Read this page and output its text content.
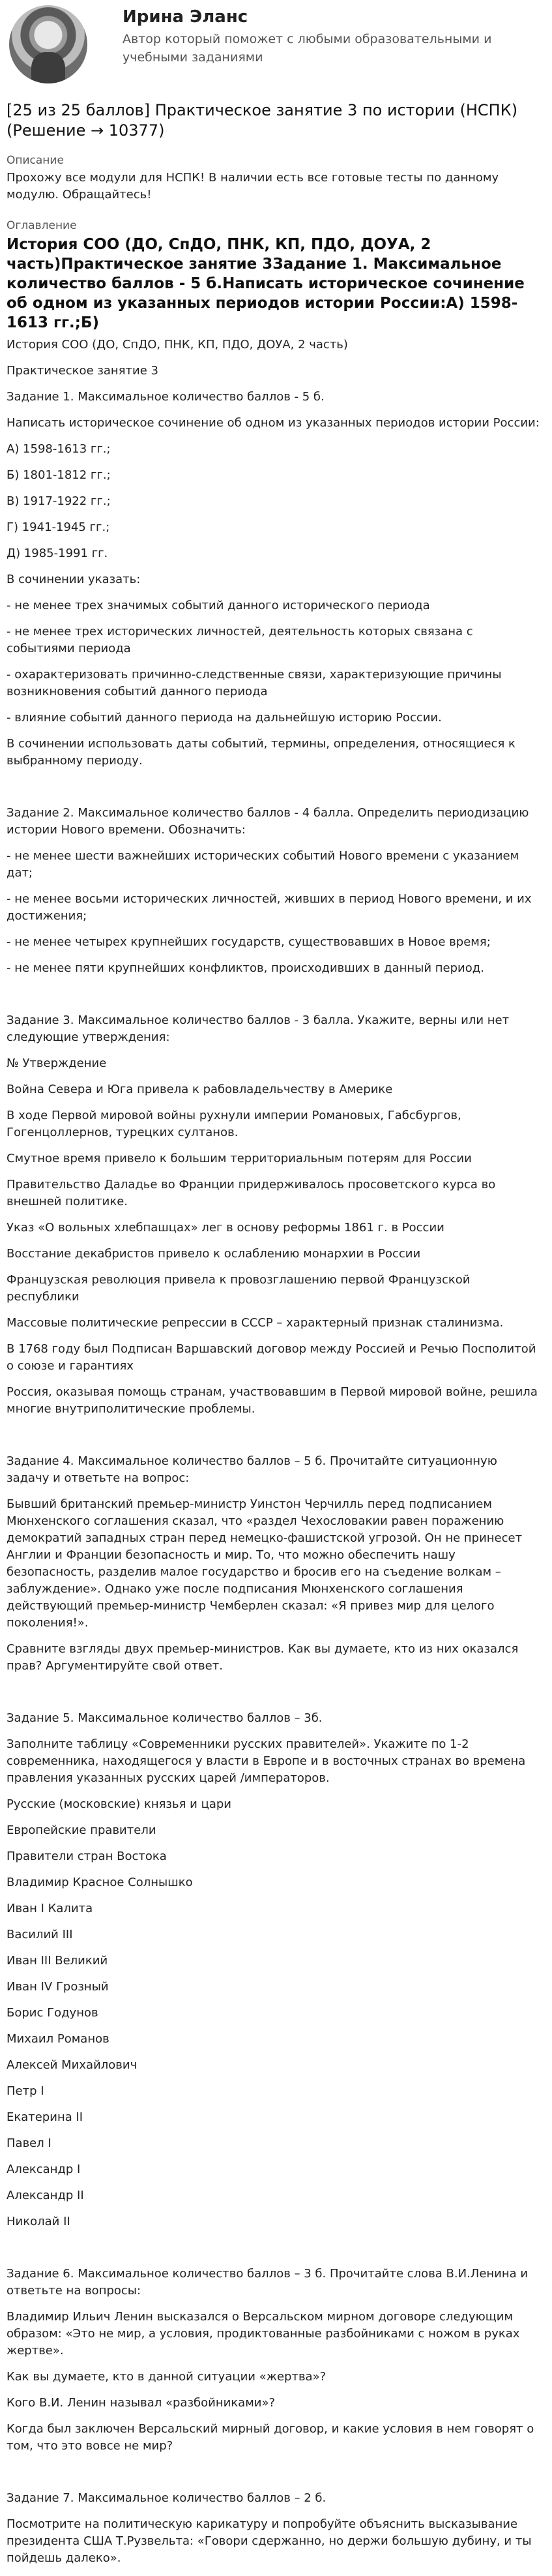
Ирина Эланс
Автор который поможет с любыми образовательными и учебными заданиями
[25 из 25 баллов] Практическое занятие 3 по истории (НСПК) (Решение → 10377)
Описание
Прохожу все модули для НСПК! В наличии есть все готовые тесты по данному модулю. Обращайтесь!
Оглавление
История СОО (ДО, СпДО, ПНК, КП, ПДО, ДОУА, 2 часть)Практическое занятие 3Задание 1. Максимальное количество баллов - 5 б.Написать историческое сочинение об одном из указанных периодов истории России:А) 1598-1613 гг.;Б)

История СОО (ДО, СпДО, ПНК, КП, ПДО, ДОУА, 2 часть)

Практическое занятие 3

Задание 1. Максимальное количество баллов - 5 б.

Написать историческое сочинение об одном из указанных периодов истории России:

А) 1598-1613 гг.;

Б) 1801-1812 гг.;

В) 1917-1922 гг.;

Г) 1941-1945 гг.;

Д) 1985-1991 гг.

В сочинении указать:

- не менее трех значимых событий данного исторического периода

- не менее трех исторических личностей, деятельность которых связана с событиями периода

- охарактеризовать причинно-следственные связи, характеризующие причины возникновения событий данного периода

- влияние событий данного периода на дальнейшую историю России.

В сочинении использовать даты событий, термины, определения, относящиеся к выбранному периоду.

Задание 2. Максимальное количество баллов - 4 балла. Определить периодизацию истории Нового времени. Обозначить:

- не менее шести важнейших исторических событий Нового времени с указанием дат;

- не менее восьми исторических личностей, живших в период Нового времени, и их достижения;

- не менее четырех крупнейших государств, существовавших в Новое время;

- не менее пяти крупнейших конфликтов, происходивших в данный период.

Задание 3. Максимальное количество баллов - 3 балла. Укажите, верны или нет следующие утверждения:

№ Утверждение

Война Севера и Юга привела к рабовладельчеству в Америке

В ходе Первой мировой войны рухнули империи Романовых, Габсбургов, Гогенцоллернов, турецких султанов.

Смутное время привело к большим территориальным потерям для России

Правительство Даладье во Франции придерживалось просоветского курса во внешней политике.

Указ «О вольных хлебпашцах» лег в основу реформы 1861 г. в России

Восстание декабристов привело к ослаблению монархии в России

Французская революция привела к провозглашению первой Французской республики

Массовые политические репрессии в СССР – характерный признак сталинизма.

В 1768 году был Подписан Варшавский договор между Россией и Речью Посполитой о союзе и гарантиях

Россия, оказывая помощь странам, участвовавшим в Первой мировой войне, решила многие внутриполитические проблемы.

Задание 4. Максимальное количество баллов – 5 б. Прочитайте ситуационную задачу и ответьте на вопрос:

Бывший британский премьер-министр Уинстон Черчилль перед подписанием Мюнхенского соглашения сказал, что «раздел Чехословакии равен поражению демократий западных стран перед немецко-фашистской угрозой. Он не принесет Англии и Франции безопасность и мир. То, что можно обеспечить нашу безопасность, разделив малое государство и бросив его на съедение волкам – заблуждение». Однако уже после подписания Мюнхенского соглашения действующий премьер-министр Чемберлен сказал: «Я привез мир для целого поколения!».

Сравните взгляды двух премьер-министров. Как вы думаете, кто из них оказался прав? Аргументируйте свой ответ.

Задание 5. Максимальное количество баллов – 3б.

Заполните таблицу «Современники русских правителей». Укажите по 1-2 современника, находящегося у власти в Европе и в восточных странах во времена правления указанных русских царей /императоров.

Русские (московские) князья и цари

Европейские правители

Правители стран Востока

Владимир Красное Солнышко

Иван I Калита

Василий III

Иван III Великий

Иван IV Грозный

Борис Годунов

Михаил Романов

Алексей Михайлович

Петр I

Екатерина II

Павел I

Александр I

Александр II

Николай II

Задание 6. Максимальное количество баллов – 3 б. Прочитайте слова В.И.Ленина и ответьте на вопросы:

Владимир Ильич Ленин высказался о Версальском мирном договоре следующим образом: «Это не мир, а условия, продиктованные разбойниками с ножом в руках жертве».

Как вы думаете, кто в данной ситуации «жертва»?

Кого В.И. Ленин называл «разбойниками»?

Когда был заключен Версальский мирный договор, и какие условия в нем говорят о том, что это вовсе не мир?

Задание 7. Максимальное количество баллов – 2 б.

Посмотрите на политическую карикатуру и попробуйте объяснить высказывание президента США Т.Рузвельта: «Говори сдержанно, но держи большую дубину, и ты пойдешь далеко».
